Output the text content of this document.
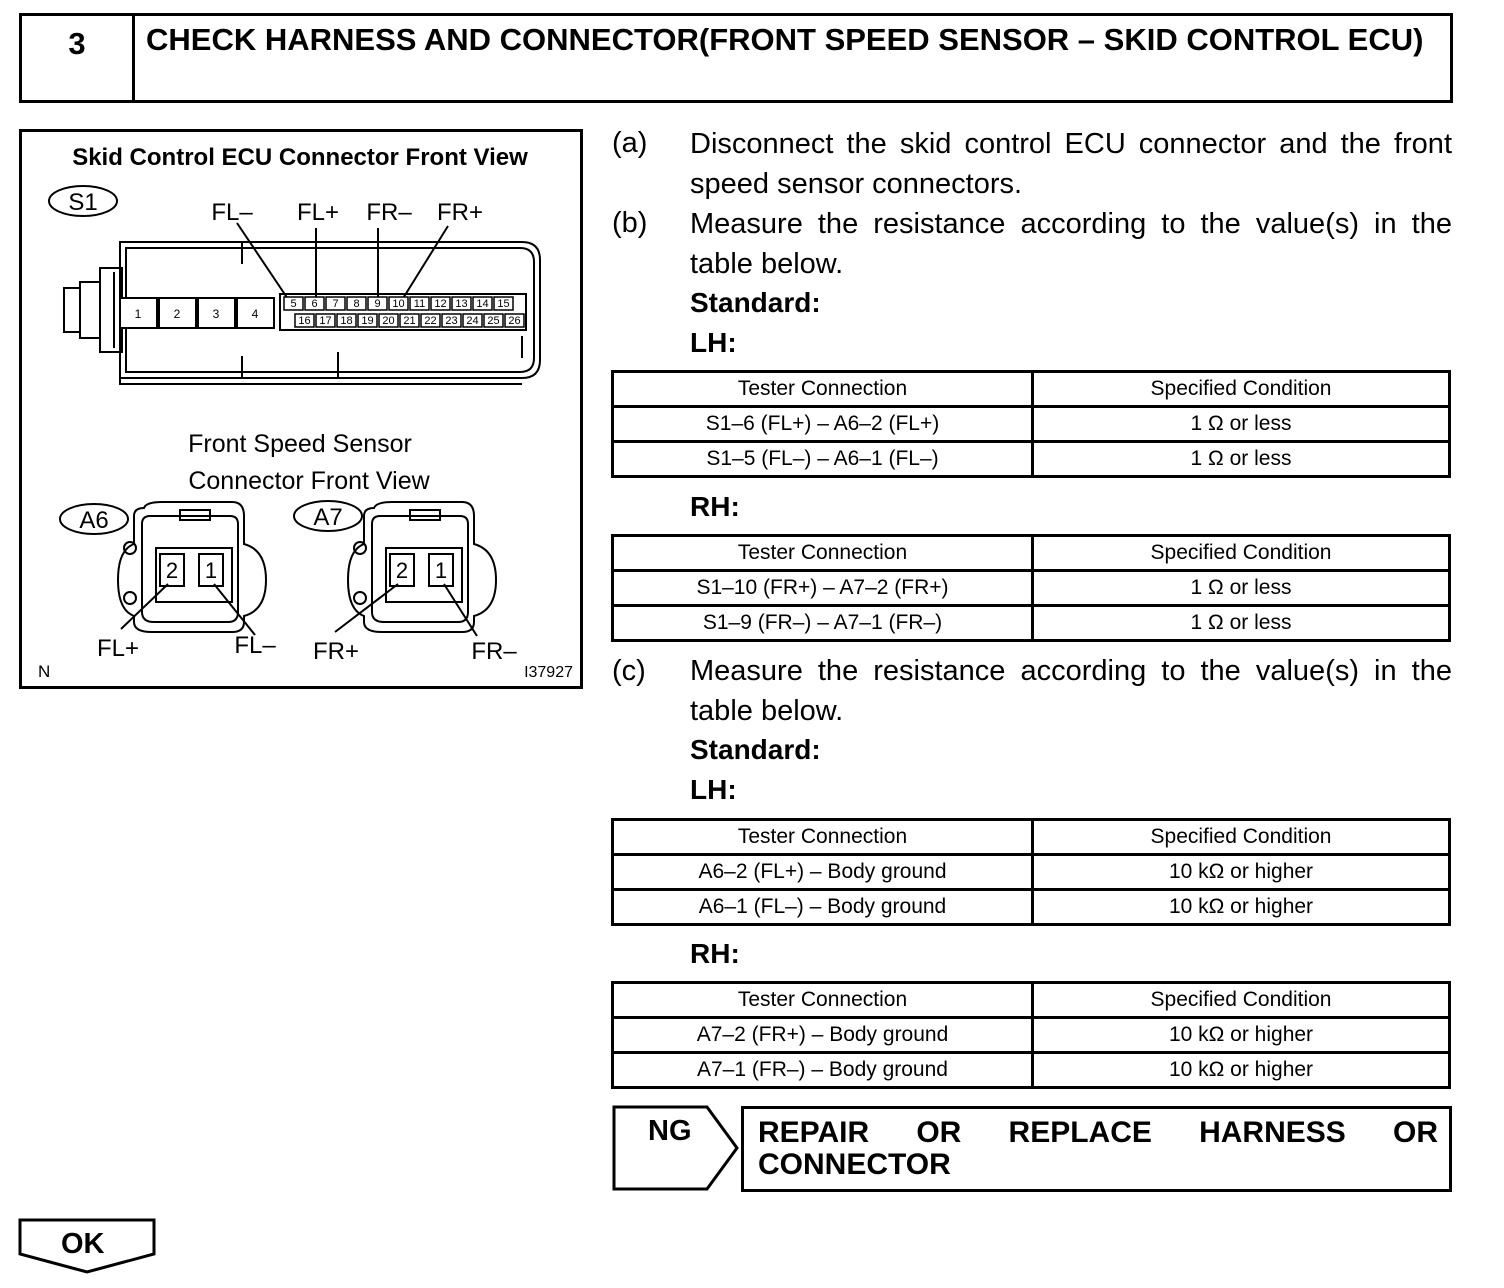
3	CHECK HARNESS AND CONNECTOR(FRONT SPEED SENSOR – SKID CONTROL ECU)
Skid Control ECU Connector Front View
S1	FL– FL+ FR– FR+
1	2	3	4
5 6 7 8 9 10 11 12 13 14 15
16 17 18 19 20 21 22 23 24 25 26
Front Speed Sensor
Connector Front View
A6
2 1
FL+	FL–
A7
2 1
FR+	FR–
N	I37927
(a) Disconnect the skid control ECU connector and the front speed sensor connectors.
(b) Measure the resistance according to the value(s) in the table below.
Standard:
LH:
Tester Connection	Specified Condition
S1–6 (FL+) – A6–2 (FL+)	1 Ω or less
S1–5 (FL–) – A6–1 (FL–)	1 Ω or less
RH:
Tester Connection	Specified Condition
S1–10 (FR+) – A7–2 (FR+)	1 Ω or less
S1–9 (FR–) – A7–1 (FR–)	1 Ω or less
(c) Measure the resistance according to the value(s) in the table below.
Standard:
LH:
Tester Connection	Specified Condition
A6–2 (FL+) – Body ground	10 kΩ or higher
A6–1 (FL–) – Body ground	10 kΩ or higher
RH:
Tester Connection	Specified Condition
A7–2 (FR+) – Body ground	10 kΩ or higher
A7–1 (FR–) – Body ground	10 kΩ or higher
NG REPAIR OR REPLACE HARNESS OR
CONNECTOR
OK
